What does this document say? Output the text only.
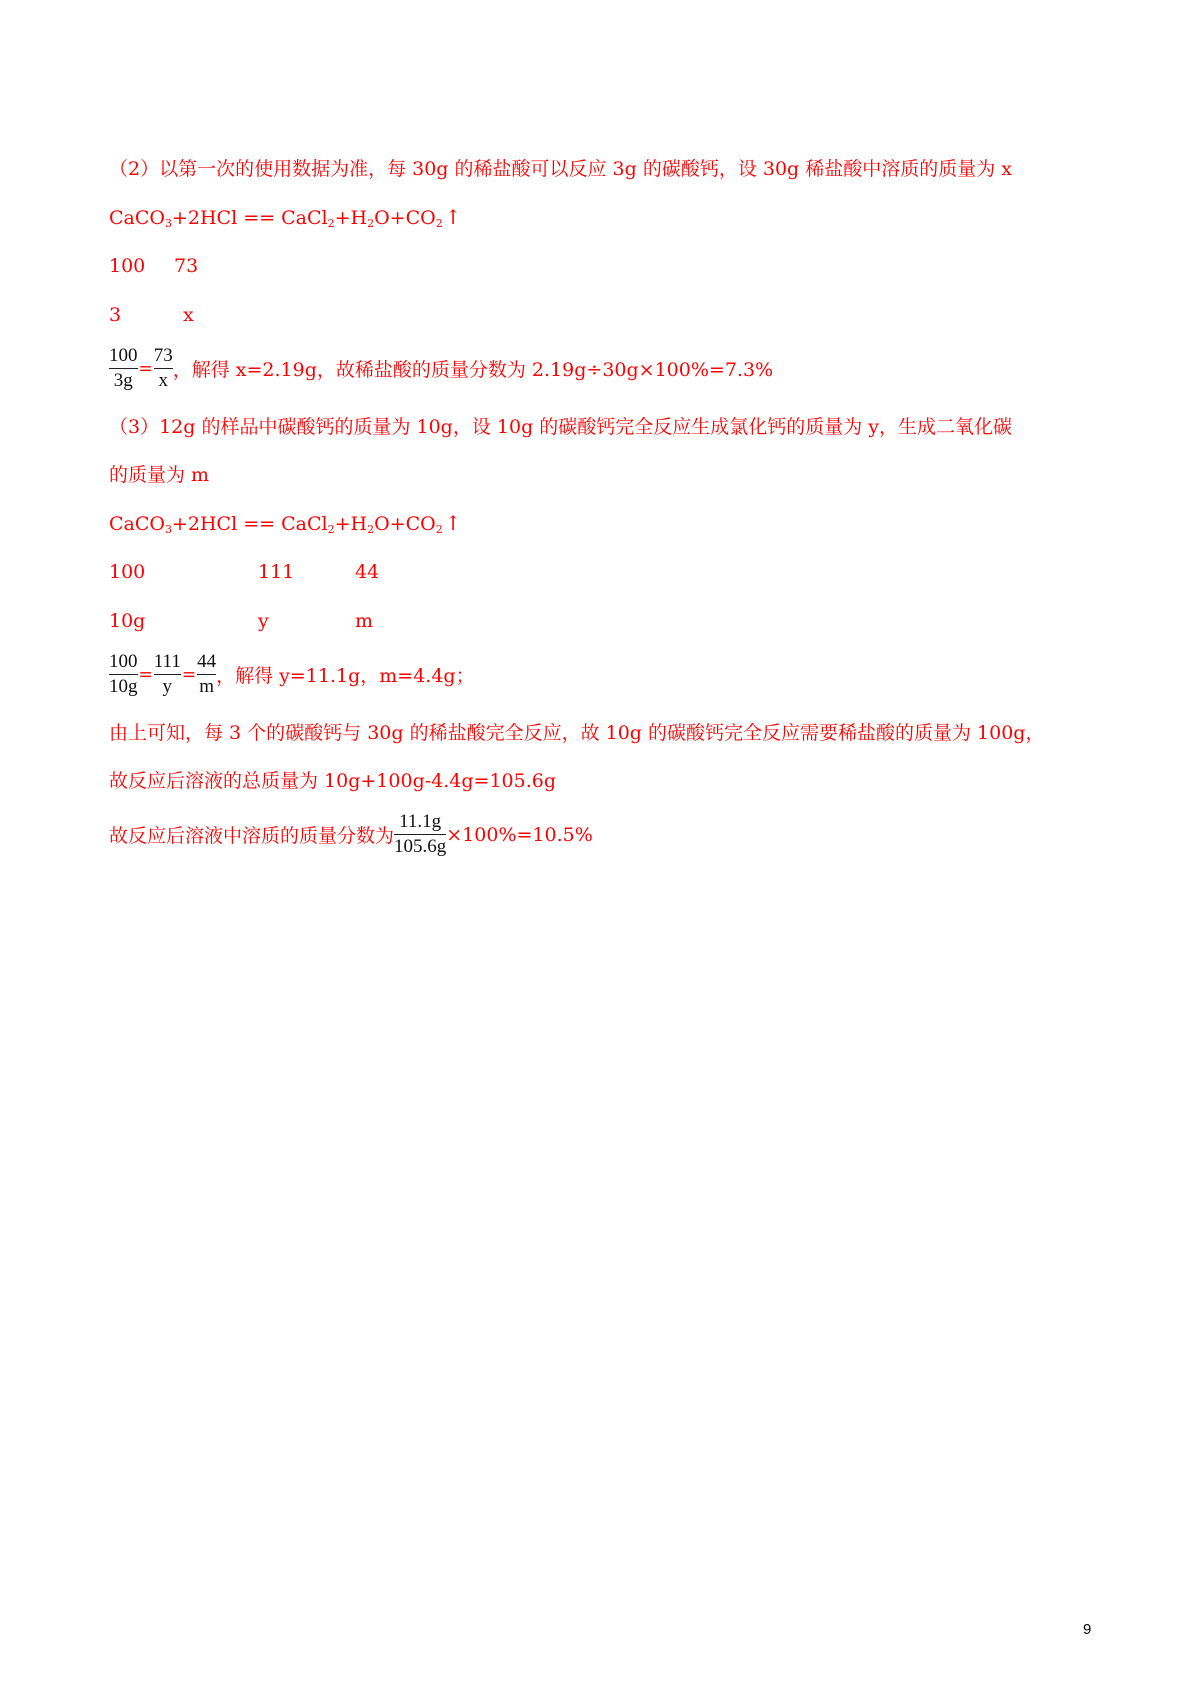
（2）以第一次的使用数据为准，每 30g 的稀盐酸可以反应 3g 的碳酸钙，设 30g 稀盐酸中溶质的质量为 x
CaCO$_3$+2HCl == $CaCl_2+H_2O+CO_2$ ↑
100 73
3	x
$\frac{100}{3g} = \frac{73}{x}$ ，解得 x=2.19g，故稀盐酸的质量分数为 2.19g÷30g×100%=7.3%
（3）12g 的样品中碳酸钙的质量为 10g，设 10g 的碳酸钙完全反应生成氯化钙的质量为 y，生成二氧化碳
的质量为 m
CaCO$_3$+2HCl == $CaCl_2+H_2O+CO_2$ ↑
100	111	44
10g	y	m
$\frac{100}{10g} = \frac{111}{y} = \frac{44}{m}$ ，解得 y=11.1g，m=4.4g；
由上可知，每 3 个的碳酸钙与 30g 的稀盐酸完全反应，故 10g 的碳酸钙完全反应需要稀盐酸的质量为 100g，
故反应后溶液的总质量为 10g+100g-4.4g=105.6g
故反应后溶液中溶质的质量分数为 $\frac{11.1g}{105.6g} \times 100\%=10.5\%$
9
